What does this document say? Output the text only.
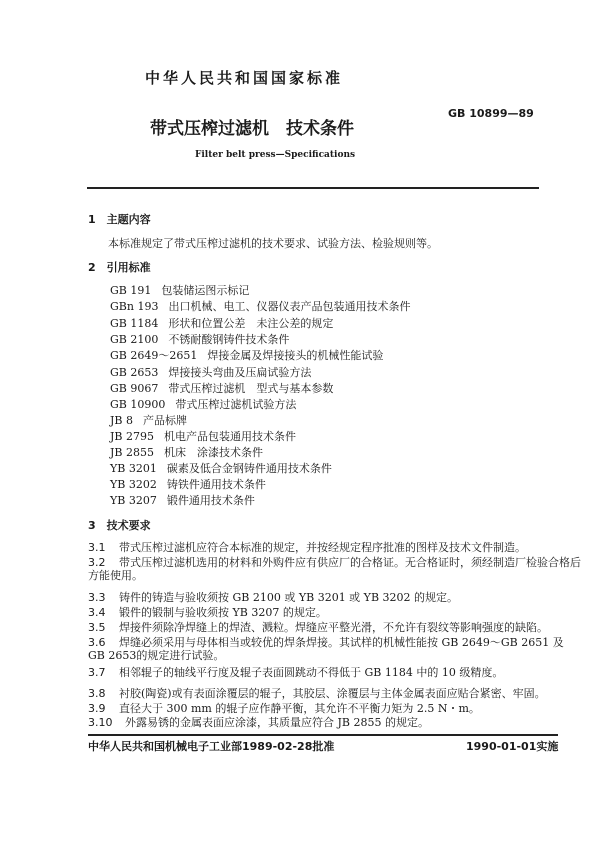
中华人民共和国国家标准
GB 10899—89
带式压榨过滤机　技术条件
Filter belt press—Specifications
1　 主题内容
本标准规定了带式压榨过滤机的技术要求、试验方法、检验规则等。
2　 引用标准
GB 191 包装储运图示标记
GBn 193 出口机械、电工、仪器仪表产品包装通用技术条件
GB 1184 形状和位置公差　未注公差的规定
GB 2100 不锈耐酸钢铸件技术条件
GB 2649～2651 焊接金属及焊接接头的机械性能试验
GB 2653 焊接接头弯曲及压扁试验方法
GB 9067 带式压榨过滤机　型式与基本参数
GB 10900 带式压榨过滤机试验方法
JB 8 产品标牌
JB 2795 机电产品包装通用技术条件
JB 2855 机床　涂漆技术条件
YB 3201 碳素及低合金钢铸件通用技术条件
YB 3202 铸铁件通用技术条件
YB 3207 锻件通用技术条件
3　 技术要求
3.1　 带式压榨过滤机应符合本标准的规定，并按经规定程序批准的图样及技术文件制造。
3.2　 带式压榨过滤机选用的材料和外购件应有供应厂的合格证。无合格证时，须经制造厂检验合格后
方能使用。
3.3　 铸件的铸造与验收须按 GB 2100 或 YB 3201 或 YB 3202 的规定。
3.4　 锻件的锻制与验收须按 YB 3207 的规定。
3.5　 焊接件须除净焊缝上的焊渣、溅粒。焊缝应平整光滑，不允许有裂纹等影响强度的缺陷。
3.6　 焊缝必须采用与母体相当或较优的焊条焊接。其试样的机械性能按 GB 2649～GB 2651 及
GB 2653的规定进行试验。
3.7　 相邻辊子的轴线平行度及辊子表面圆跳动不得低于 GB 1184 中的 10 级精度。
3.8　 衬胶(陶瓷)或有表面涂覆层的辊子，其胶层、涂覆层与主体金属表面应贴合紧密、牢固。
3.9　 直径大于 300 mm 的辊子应作静平衡，其允许不平衡力矩为 2.5 N・m。
3.10　 外露易锈的金属表面应涂漆，其质量应符合 JB 2855 的规定。
中华人民共和国机械电子工业部1989-02-28批准	1990-01-01实施
